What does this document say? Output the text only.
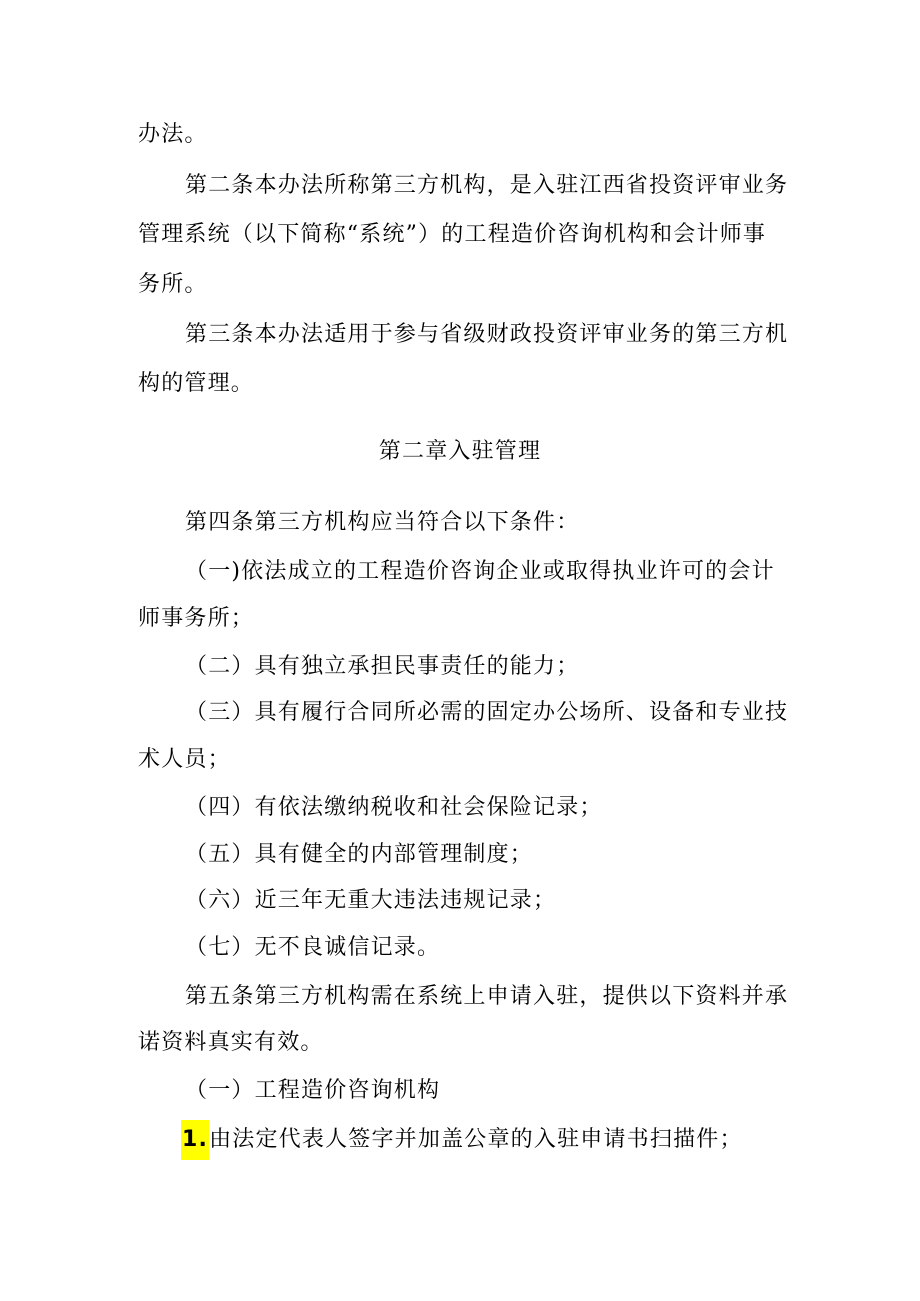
办法。
第二条本办法所称第三方机构，是入驻江西省投资评审业务
管理系统（以下简称“系统”）的工程造价咨询机构和会计师事
务所。
第三条本办法适用于参与省级财政投资评审业务的第三方机
构的管理。
第二章入驻管理
第四条第三方机构应当符合以下条件：
（一)依法成立的工程造价咨询企业或取得执业许可的会计
师事务所；
（二）具有独立承担民事责任的能力；
（三）具有履行合同所必需的固定办公场所、设备和专业技
术人员；
（四）有依法缴纳税收和社会保险记录；
（五）具有健全的内部管理制度；
（六）近三年无重大违法违规记录；
（七）无不良诚信记录。
第五条第三方机构需在系统上申请入驻，提供以下资料并承
诺资料真实有效。
（一）工程造价咨询机构
1.由法定代表人签字并加盖公章的入驻申请书扫描件；
